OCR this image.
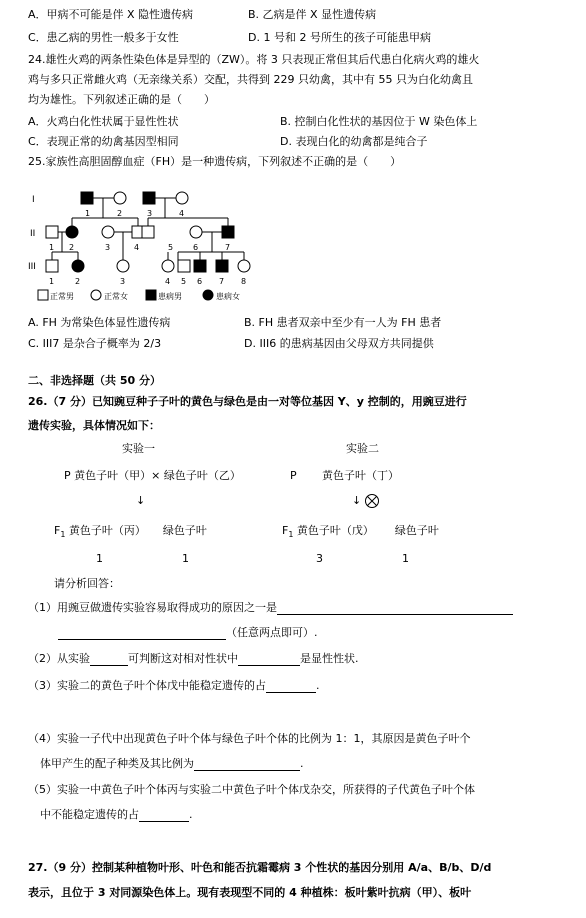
A．甲病不可能是伴 X 隐性遗传病	B. 乙病是伴 X 显性遗传病
C．患乙病的男性一般多于女性	D. 1 号和 2 号所生的孩子可能患甲病
24.雄性火鸡的两条性染色体是异型的（ZW）。将 3 只表现正常但其后代患白化病火鸡的雄火
鸡与多只正常雌火鸡（无亲缘关系）交配，共得到 229 只幼禽，其中有 55 只为白化幼禽且
均为雄性。下列叙述正确的是（　　）
A．火鸡白化性状属于显性性状	B. 控制白化性状的基因位于 W 染色体上
C．表现正常的幼禽基因型相同	D. 表现白化的幼禽都是纯合子
25.家族性高胆固醇血症（FH）是一种遗传病，下列叙述不正确的是（　　）
I
II
III
1	2	3	4
1 2	3	4	5 6	7
1	2	3	4 5 6 7 8
正常男	正常女	患病男	患病女
A. FH 为常染色体显性遗传病	B. FH 患者双亲中至少有一人为 FH 患者
C. III7 是杂合子概率为 2/3	D. III6 的患病基因由父母双方共同提供
二、非选择题（共 50 分）
26.（7 分）已知豌豆种子子叶的黄色与绿色是由一对等位基因 Y、y 控制的，用豌豆进行
遗传实验，具体情况如下：
实验一	实验二
P 黄色子叶（甲）× 绿色子叶（乙）	P 黄色子叶（丁）
↓	↓
$F_1$ 黄色子叶（丙） 绿色子叶	$F_1$ 黄色子叶（戊） 绿色子叶
1	1	3	1
请分析回答：
（1）用豌豆做遗传实验容易取得成功的原因之一是
（任意两点即可）.
（2）从实验	可判断这对相对性状中	是显性性状.
（3）实验二的黄色子叶个体戊中能稳定遗传的占	.
（4）实验一子代中出现黄色子叶个体与绿色子叶个体的比例为 1：1，其原因是黄色子叶个
体甲产生的配子种类及其比例为	.
（5）实验一中黄色子叶个体丙与实验二中黄色子叶个体戊杂交，所获得的子代黄色子叶个体
中不能稳定遗传的占	.
27.（9 分）控制某种植物叶形、叶色和能否抗霜霉病 3 个性状的基因分别用 A/a、B/b、D/d
表示，且位于 3 对同源染色体上。现有表现型不同的 4 种植株：板叶紫叶抗病（甲）、板叶
